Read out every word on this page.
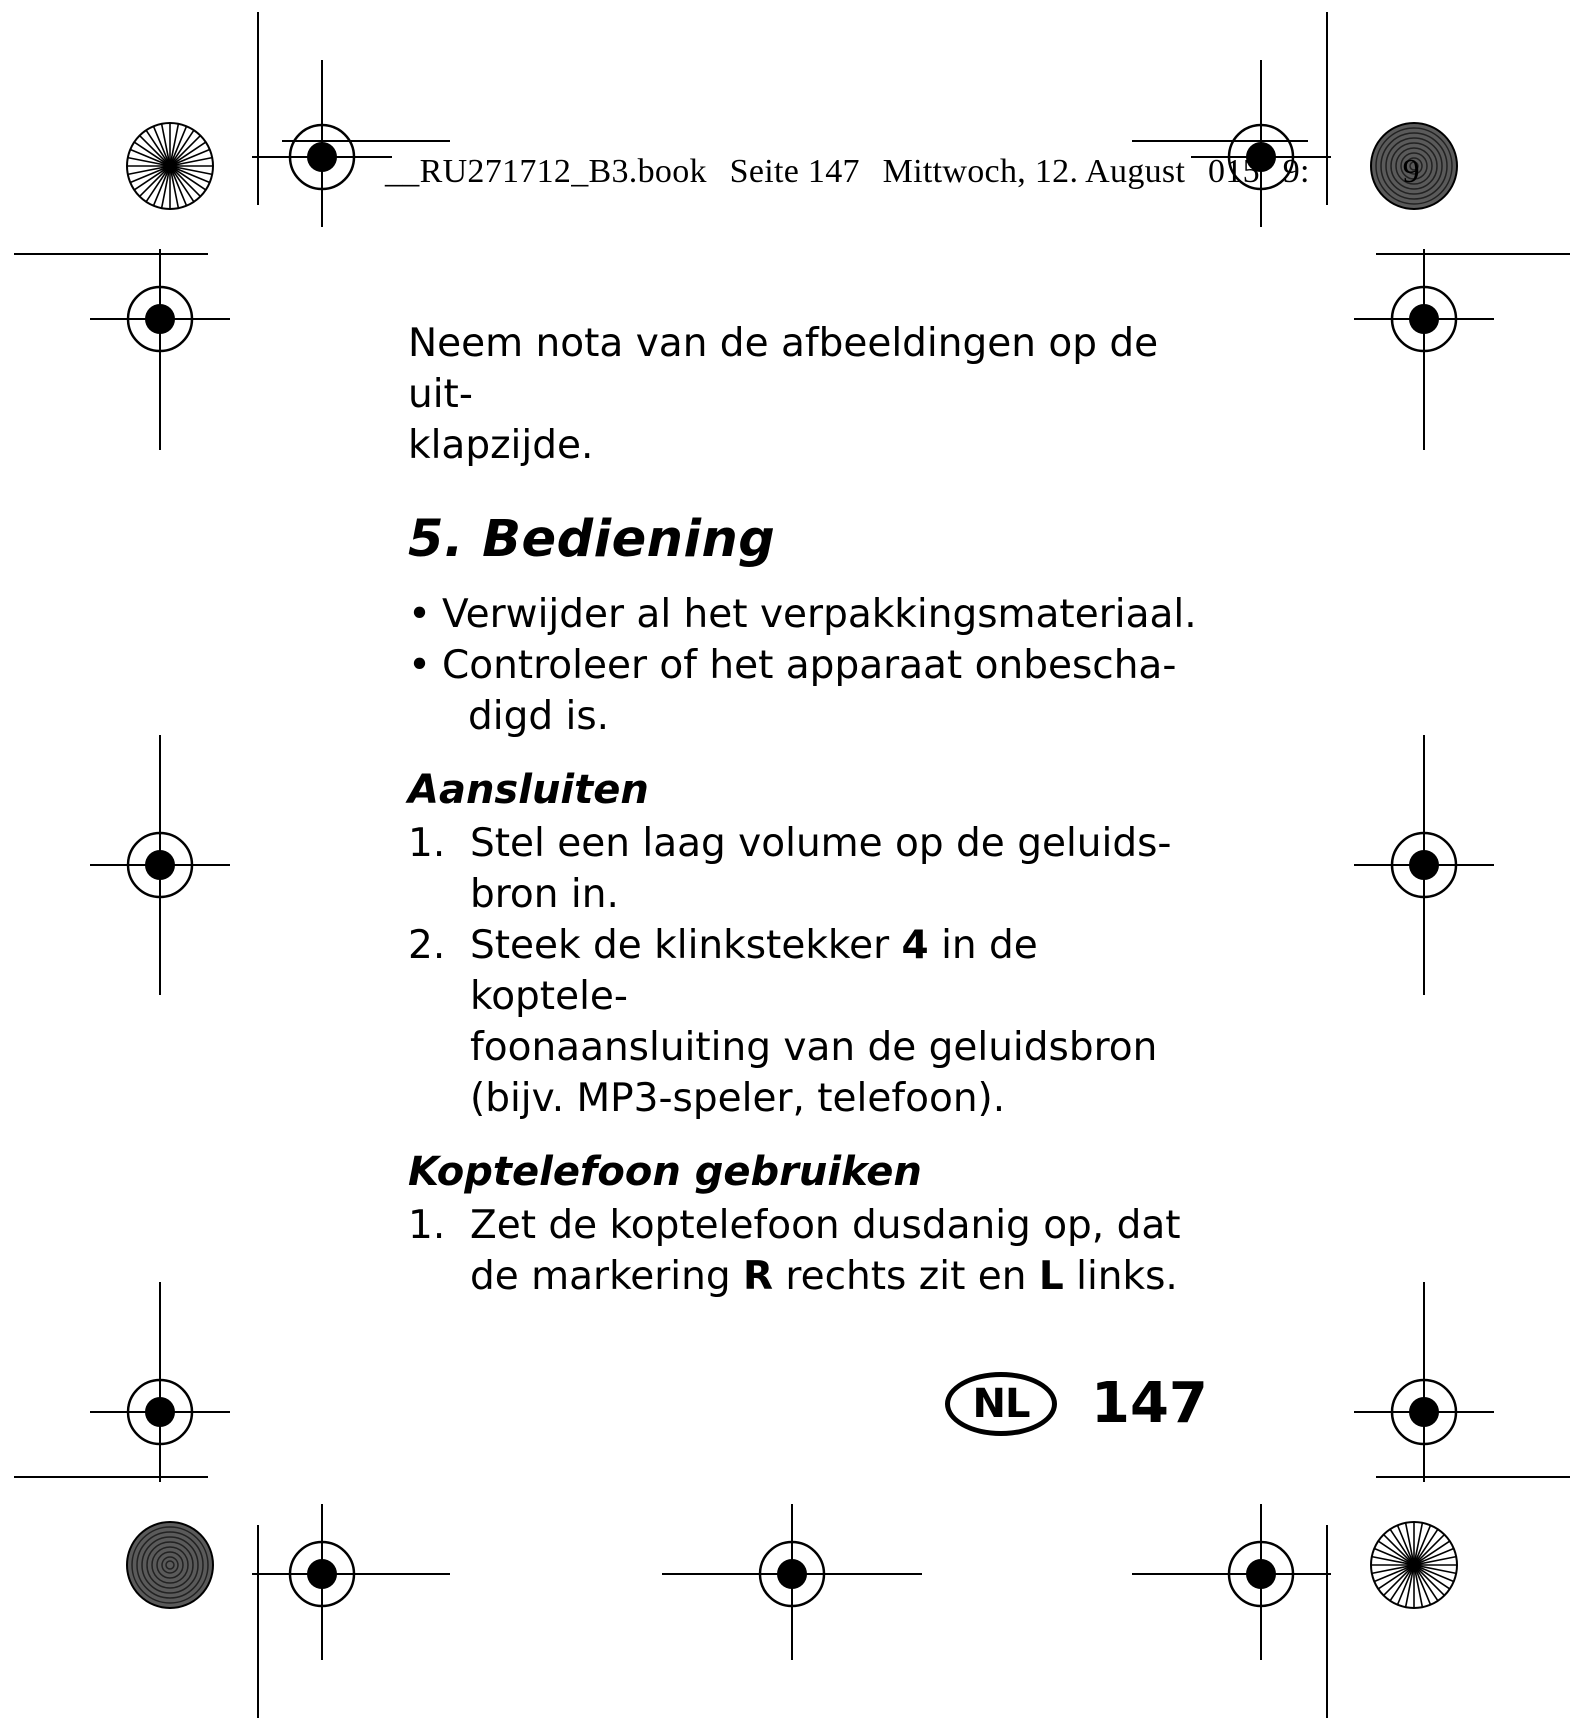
__RU271712_B3.book Seite 147 Mittwoch, 12. August 015 9:	9

Neem nota van de afbeeldingen op de uit-
klapzijde.

5. Bediening
• Verwijder al het verpakkingsmateriaal.
• Controleer of het apparaat onbescha-
digd is.
Aansluiten
1. Stel een laag volume op de geluids-
bron in.
2. Steek de klinkstekker 4 in de koptele-
foonaansluiting van de geluidsbron
(bijv. MP3-speler, telefoon).
Koptelefoon gebruiken
1. Zet de koptelefoon dusdanig op, dat
de markering R rechts zit en L links.
NL	147
